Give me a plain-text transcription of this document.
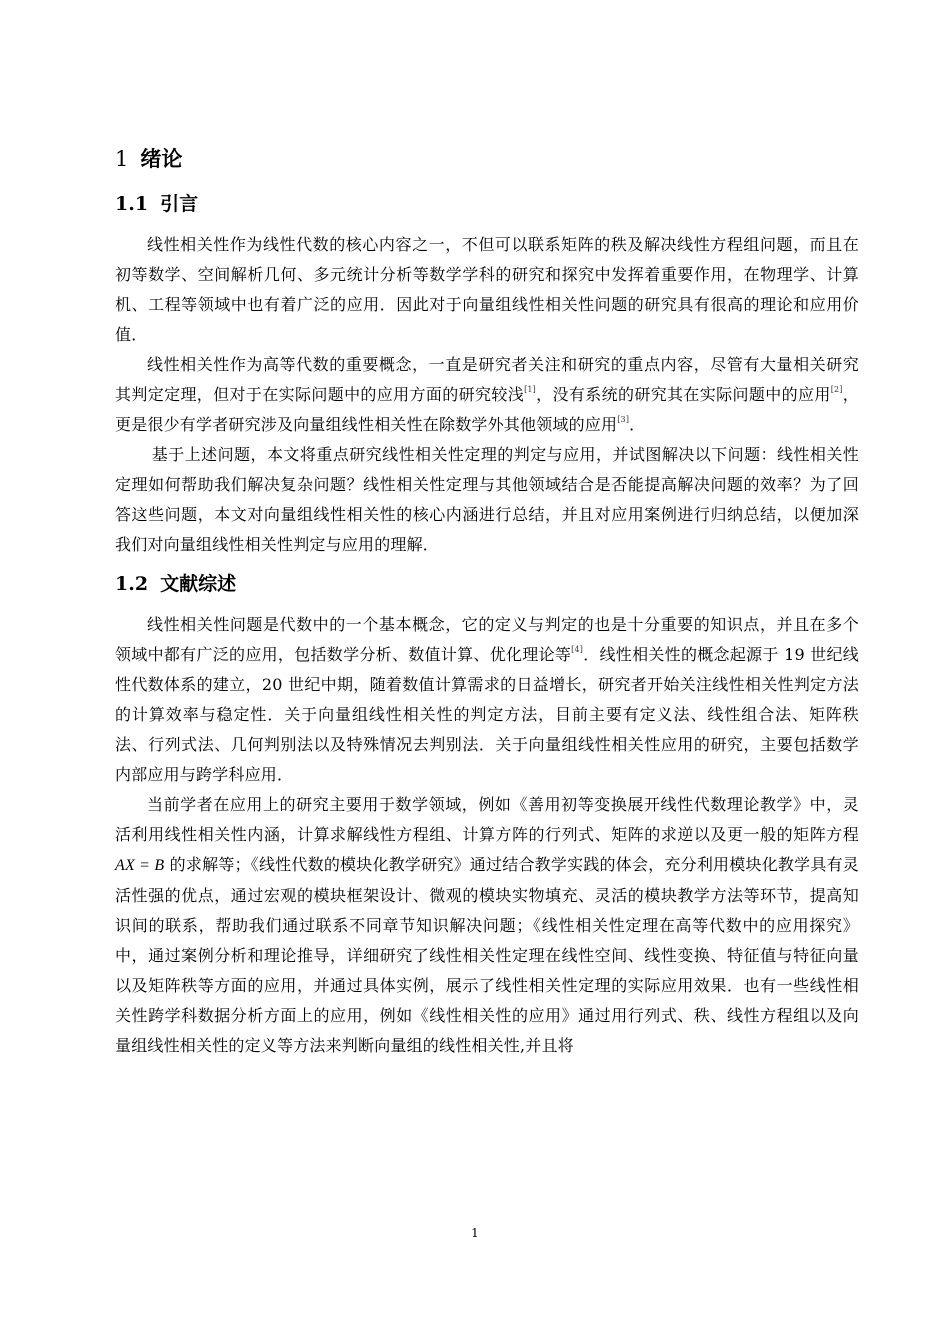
1 绪论
1.1 引言

线性相关性作为线性代数的核心内容之一，不但可以联系矩阵的秩及解决线性方程组问题，而且在初等数学、空间解析几何、多元统计分析等数学学科的研究和探究中发挥着重要作用，在物理学、计算机、工程等领域中也有着广泛的应用．因此对于向量组线性相关性问题的研究具有很高的理论和应用价值．

线性相关性作为高等代数的重要概念，一直是研究者关注和研究的重点内容，尽管有大量相关研究其判定定理，但对于在实际问题中的应用方面的研究较浅[1]，没有系统的研究其在实际问题中的应用[2]，更是很少有学者研究涉及向量组线性相关性在除数学外其他领域的应用[3]．

基于上述问题，本文将重点研究线性相关性定理的判定与应用，并试图解决以下问题：线性相关性定理如何帮助我们解决复杂问题？线性相关性定理与其他领域结合是否能提高解决问题的效率？为了回答这些问题，本文对向量组线性相关性的核心内涵进行总结，并且对应用案例进行归纳总结，以便加深我们对向量组线性相关性判定与应用的理解．

1.2 文献综述

线性相关性问题是代数中的一个基本概念，它的定义与判定的也是十分重要的知识点，并且在多个领域中都有广泛的应用，包括数学分析、数值计算、优化理论等[4]．线性相关性的概念起源于 19 世纪线性代数体系的建立，20 世纪中期，随着数值计算需求的日益增长，研究者开始关注线性相关性判定方法的计算效率与稳定性．关于向量组线性相关性的判定方法，目前主要有定义法、线性组合法、矩阵秩法、行列式法、几何判别法以及特殊情况去判别法．关于向量组线性相关性应用的研究，主要包括数学内部应用与跨学科应用．

当前学者在应用上的研究主要用于数学领域，例如《善用初等变换展开线性代数理论教学》中，灵活利用线性相关性内涵，计算求解线性方程组、计算方阵的行列式、矩阵的求逆以及更一般的矩阵方程 AX = B 的求解等；《线性代数的模块化教学研究》通过结合教学实践的体会，充分利用模块化教学具有灵活性强的优点，通过宏观的模块框架设计、微观的模块实物填充、灵活的模块教学方法等环节，提高知识间的联系，帮助我们通过联系不同章节知识解决问题；《线性相关性定理在高等代数中的应用探究》中，通过案例分析和理论推导，详细研究了线性相关性定理在线性空间、线性变换、特征值与特征向量以及矩阵秩等方面的应用，并通过具体实例，展示了线性相关性定理的实际应用效果．也有一些线性相关性跨学科数据分析方面上的应用，例如《线性相关性的应用》通过用行列式、秩、线性方程组以及向量组线性相关性的定义等方法来判断向量组的线性相关性,并且将

1
